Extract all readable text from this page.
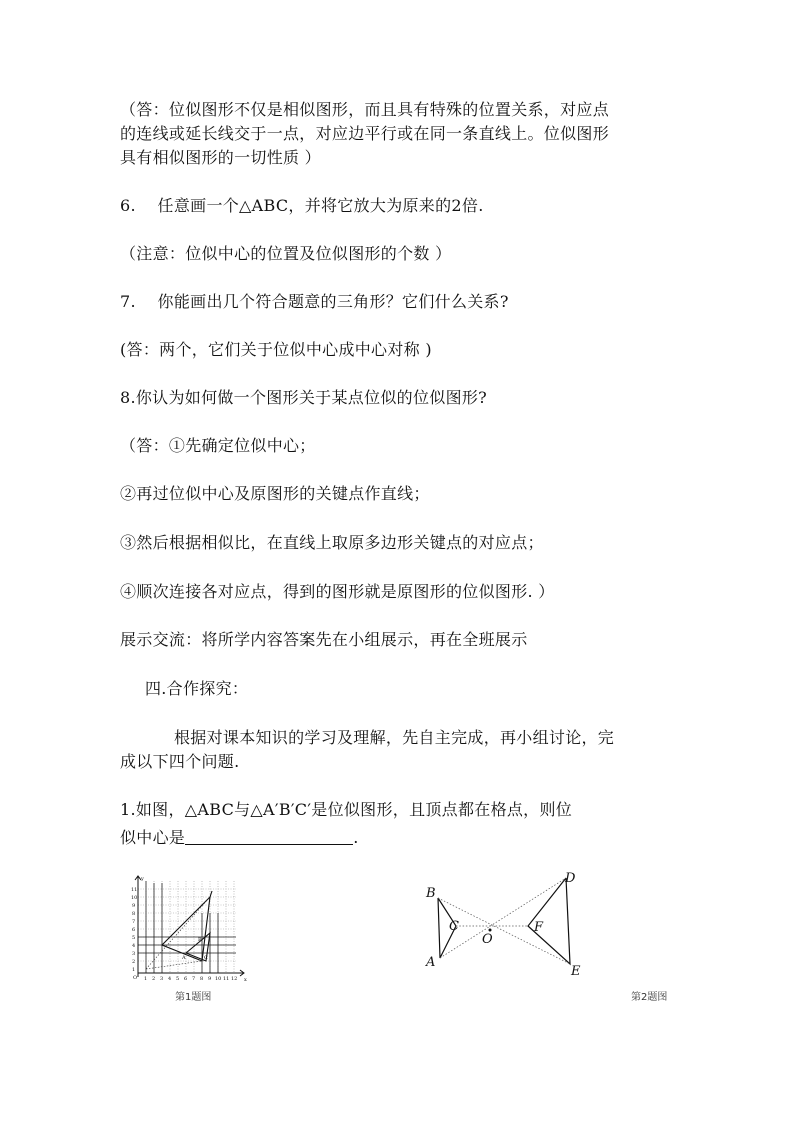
（答：位似图形不仅是相似图形，而且具有特殊的位置关系，对应点
的连线或延长线交于一点，对应边平行或在同一条直线上。位似图形
具有相似图形的一切性质 ）
6.　 任意画一个△ABC，并将它放大为原来的2倍.
（注意：位似中心的位置及位似图形的个数 ）
7.　 你能画出几个符合题意的三角形？它们什么关系?
(答：两个，它们关于位似中心成中心对称 )
8.你认为如何做一个图形关于某点位似的位似图形?
（答：①先确定位似中心；
②再过位似中心及原图形的关键点作直线；
③然后根据相似比，在直线上取原多边形关键点的对应点；
④顺次连接各对应点，得到的图形就是原图形的位似图形. ）
展示交流：将所学内容答案先在小组展示，再在全班展示
四.合作探究：
根据对课本知识的学习及理解，先自主完成，再小组讨论，完
成以下四个问题.
1.如图，△ABC与△A′B′C′是位似图形，且顶点都在格点，则位
似中心是	.
11
10
9
8
7
6
5
4
3
2
1
1 2 3 4 5 6 7 8 9 10 11 12
O
y
x
B
A	C
第1题图
B
A
C
O
F
D
E
第2题图
